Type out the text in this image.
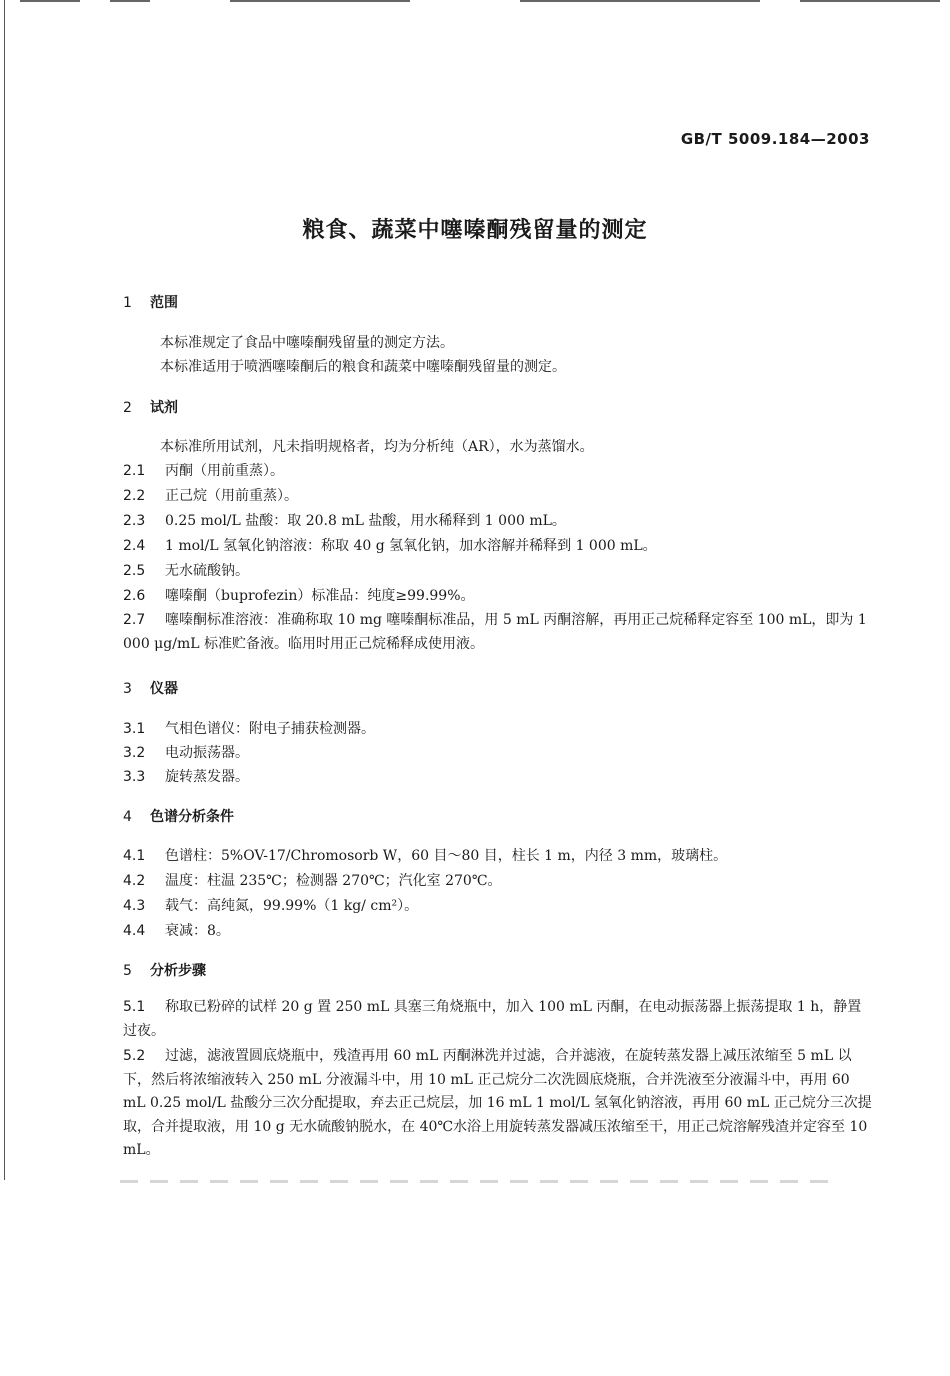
GB/T 5009.184—2003
粮食、蔬菜中噻嗪酮残留量的测定
1 范围
本标准规定了食品中噻嗪酮残留量的测定方法。
本标准适用于喷洒噻嗪酮后的粮食和蔬菜中噻嗪酮残留量的测定。
2 试剂
本标准所用试剂，凡未指明规格者，均为分析纯（AR），水为蒸馏水。
2.1 丙酮（用前重蒸）。
2.2 正己烷（用前重蒸）。
2.3 0.25 mol/L 盐酸：取 20.8 mL 盐酸，用水稀释到 1 000 mL。
2.4 1 mol/L 氢氧化钠溶液：称取 40 g 氢氧化钠，加水溶解并稀释到 1 000 mL。
2.5 无水硫酸钠。
2.6 噻嗪酮（buprofezin）标准品：纯度≥99.99%。
2.7 噻嗪酮标准溶液：准确称取 10 mg 噻嗪酮标准品，用 5 mL 丙酮溶解，再用正己烷稀释定容至 100 mL，即为 1 000 μg/mL 标准贮备液。临用时用正己烷稀释成使用液。
3 仪器
3.1 气相色谱仪：附电子捕获检测器。
3.2 电动振荡器。
3.3 旋转蒸发器。
4 色谱分析条件
4.1 色谱柱：5%OV-17/Chromosorb W，60 目～80 目，柱长 1 m，内径 3 mm，玻璃柱。
4.2 温度：柱温 235℃；检测器 270℃；汽化室 270℃。
4.3 载气：高纯氮，99.99%（1 kg/ cm²）。
4.4 衰减：8。
5 分析步骤
5.1 称取已粉碎的试样 20 g 置 250 mL 具塞三角烧瓶中，加入 100 mL 丙酮，在电动振荡器上振荡提取 1 h，静置过夜。
5.2 过滤，滤液置圆底烧瓶中，残渣再用 60 mL 丙酮淋洗并过滤，合并滤液，在旋转蒸发器上减压浓缩至 5 mL 以下，然后将浓缩液转入 250 mL 分液漏斗中，用 10 mL 正己烷分二次洗圆底烧瓶，合并洗液至分液漏斗中，再用 60 mL 0.25 mol/L 盐酸分三次分配提取，弃去正己烷层，加 16 mL 1 mol/L 氢氧化钠溶液，再用 60 mL 正己烷分三次提取，合并提取液，用 10 g 无水硫酸钠脱水，在 40℃水浴上用旋转蒸发器减压浓缩至干，用正己烷溶解残渣并定容至 10 mL。
